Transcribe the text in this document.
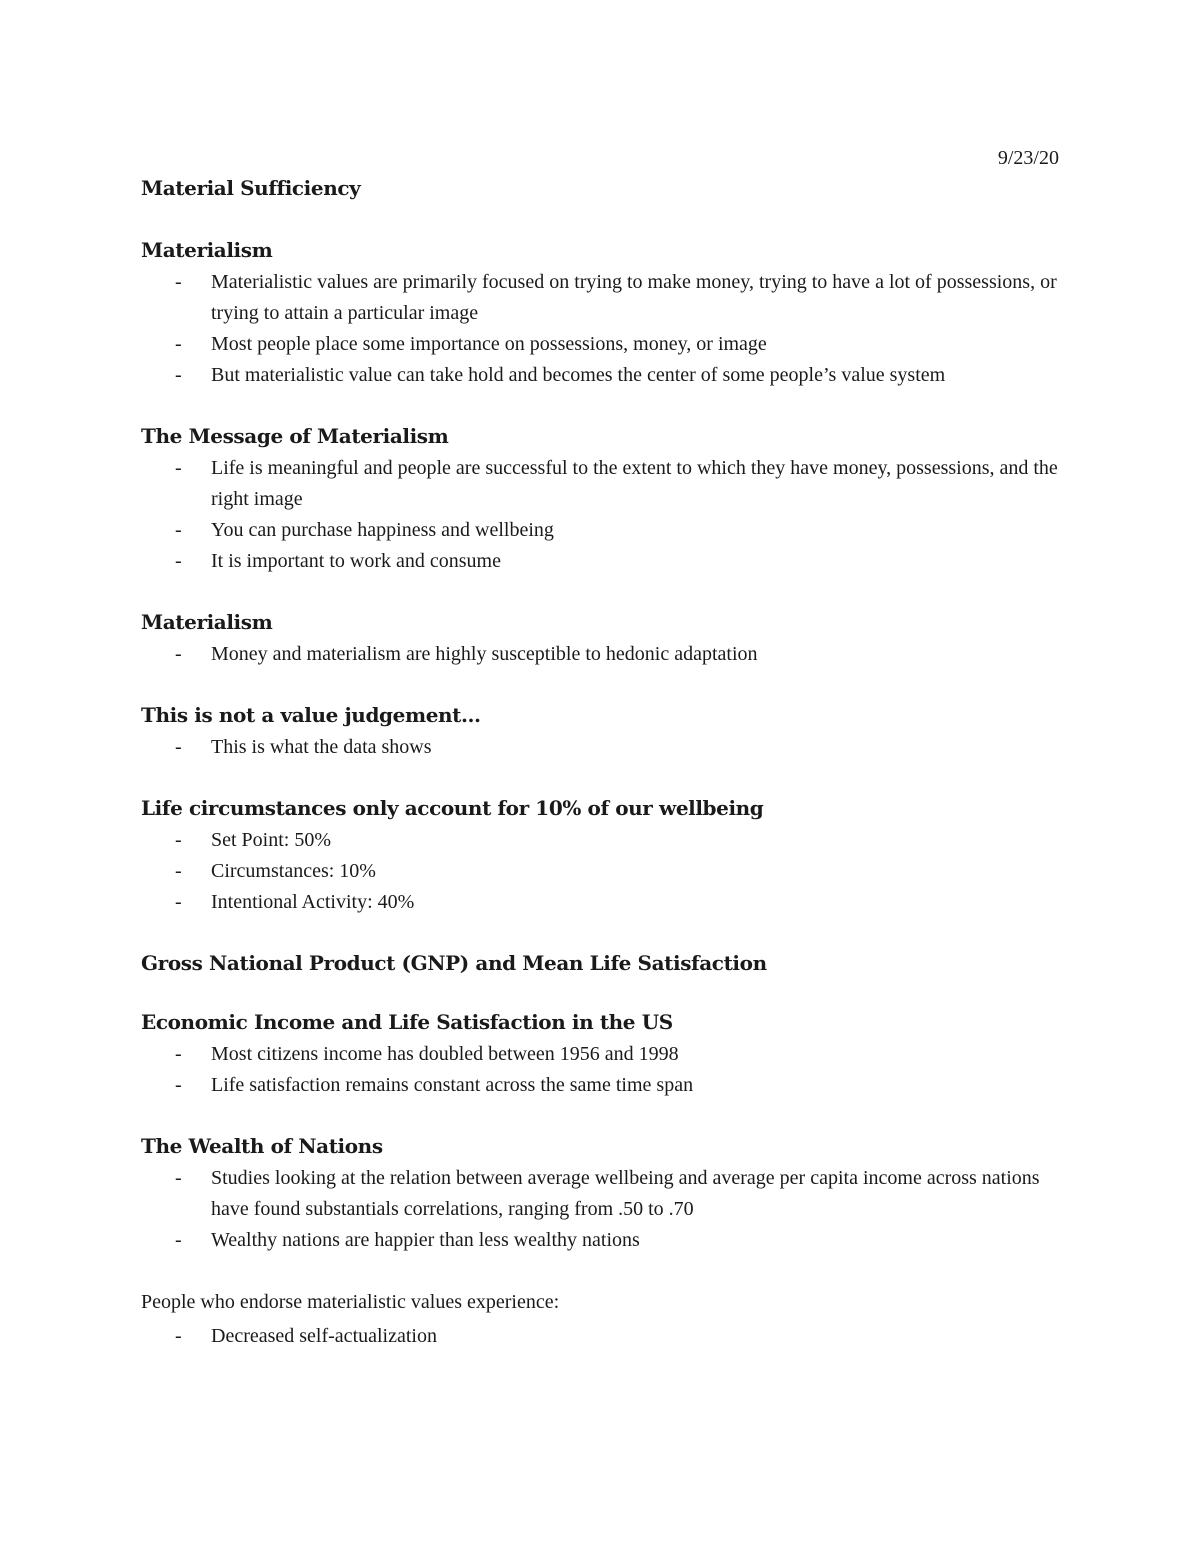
9/23/20

Material Sufficiency

Materialism

- Materialistic values are primarily focused on trying to make money, trying to have a lot of possessions, or trying to attain a particular image
- Most people place some importance on possessions, money, or image
- But materialistic value can take hold and becomes the center of some people’s value system

The Message of Materialism

- Life is meaningful and people are successful to the extent to which they have money, possessions, and the right image
- You can purchase happiness and wellbeing
- It is important to work and consume

Materialism

- Money and materialism are highly susceptible to hedonic adaptation

This is not a value judgement…

- This is what the data shows

Life circumstances only account for 10% of our wellbeing

- Set Point: 50%
- Circumstances: 10%
- Intentional Activity: 40%

Gross National Product (GNP) and Mean Life Satisfaction

Economic Income and Life Satisfaction in the US

- Most citizens income has doubled between 1956 and 1998
- Life satisfaction remains constant across the same time span

The Wealth of Nations

- Studies looking at the relation between average wellbeing and average per capita income across nations have found substantials correlations, ranging from .50 to .70
- Wealthy nations are happier than less wealthy nations

People who endorse materialistic values experience:

- Decreased self-actualization
